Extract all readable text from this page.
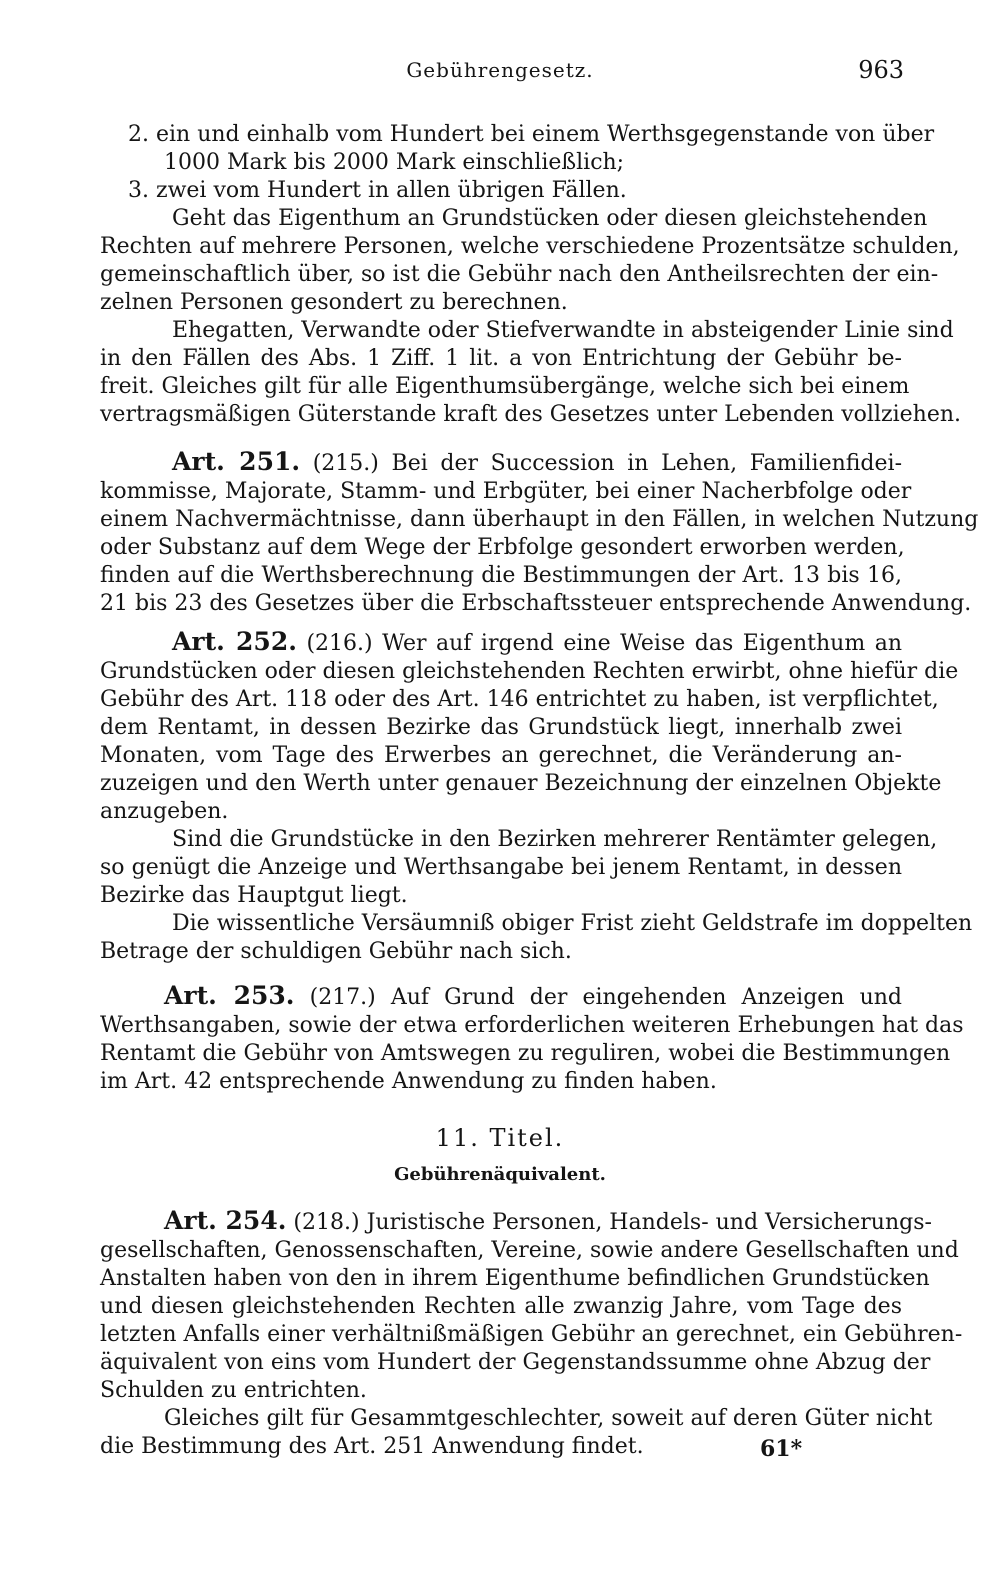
Gebührengesetz.	963
2. ein und einhalb vom Hundert bei einem Werthsgegenstande von über
1000 Mark bis 2000 Mark einschließlich;
3. zwei vom Hundert in allen übrigen Fällen.
Geht das Eigenthum an Grundstücken oder diesen gleichstehenden
Rechten auf mehrere Personen, welche verschiedene Prozentsätze schulden,
gemeinschaftlich über, so ist die Gebühr nach den Antheilsrechten der ein-
zelnen Personen gesondert zu berechnen.
Ehegatten, Verwandte oder Stiefverwandte in absteigender Linie sind
in den Fällen des Abs. 1 Ziff. 1 lit. a von Entrichtung der Gebühr be-
freit. Gleiches gilt für alle Eigenthumsübergänge, welche sich bei einem
vertragsmäßigen Güterstande kraft des Gesetzes unter Lebenden vollziehen.
Art. 251. (215.) Bei der Succession in Lehen, Familienfidei-
kommisse, Majorate, Stamm- und Erbgüter, bei einer Nacherbfolge oder
einem Nachvermächtnisse, dann überhaupt in den Fällen, in welchen Nutzung
oder Substanz auf dem Wege der Erbfolge gesondert erworben werden,
finden auf die Werthsberechnung die Bestimmungen der Art. 13 bis 16,
21 bis 23 des Gesetzes über die Erbschaftssteuer entsprechende Anwendung.
Art. 252. (216.) Wer auf irgend eine Weise das Eigenthum an
Grundstücken oder diesen gleichstehenden Rechten erwirbt, ohne hiefür die
Gebühr des Art. 118 oder des Art. 146 entrichtet zu haben, ist verpflichtet,
dem Rentamt, in dessen Bezirke das Grundstück liegt, innerhalb zwei
Monaten, vom Tage des Erwerbes an gerechnet, die Veränderung an-
zuzeigen und den Werth unter genauer Bezeichnung der einzelnen Objekte
anzugeben.
Sind die Grundstücke in den Bezirken mehrerer Rentämter gelegen,
so genügt die Anzeige und Werthsangabe bei jenem Rentamt, in dessen
Bezirke das Hauptgut liegt.
Die wissentliche Versäumniß obiger Frist zieht Geldstrafe im doppelten
Betrage der schuldigen Gebühr nach sich.
Art. 253. (217.) Auf Grund der eingehenden Anzeigen und
Werthsangaben, sowie der etwa erforderlichen weiteren Erhebungen hat das
Rentamt die Gebühr von Amtswegen zu reguliren, wobei die Bestimmungen
im Art. 42 entsprechende Anwendung zu finden haben.
11. Titel.
Gebührenäquivalent.
Art. 254. (218.) Juristische Personen, Handels- und Versicherungs-
gesellschaften, Genossenschaften, Vereine, sowie andere Gesellschaften und
Anstalten haben von den in ihrem Eigenthume befindlichen Grundstücken
und diesen gleichstehenden Rechten alle zwanzig Jahre, vom Tage des
letzten Anfalls einer verhältnißmäßigen Gebühr an gerechnet, ein Gebühren-
äquivalent von eins vom Hundert der Gegenstandssumme ohne Abzug der
Schulden zu entrichten.
Gleiches gilt für Gesammtgeschlechter, soweit auf deren Güter nicht
die Bestimmung des Art. 251 Anwendung findet.	61*
